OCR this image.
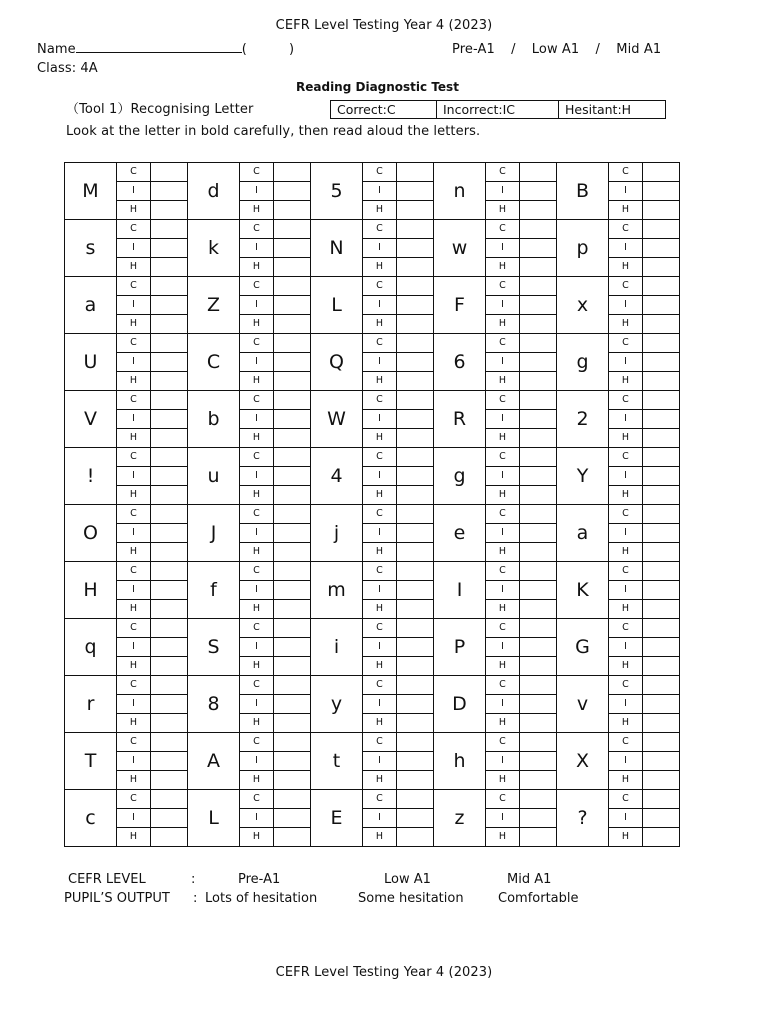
CEFR Level Testing Year 4 (2023)
Name	(	)	Pre-A1 / Low A1 / Mid A1
Class: 4A
Reading Diagnostic Test
（Tool 1）Recognising Letter	Correct:C	Incorrect:IC	Hesitant:H
Look at the letter in bold carefully, then read aloud the letters.
M	C		d	C		5	C		n	C		B	C	
	I			I			I			I			I	
	H			H			H			H			H	
s	C		k	C		N	C		w	C		p	C	
	I			I			I			I			I	
	H			H			H			H			H	
a	C		Z	C		L	C		F	C		x	C	
	I			I			I			I			I	
	H			H			H			H			H	
U	C		C	C		Q	C		6	C		g	C	
	I			I			I			I			I	
	H			H			H			H			H	
V	C		b	C		W	C		R	C		2	C	
	I			I			I			I			I	
	H			H			H			H			H	
!	C		u	C		4	C		g	C		Y	C	
	I			I			I			I			I	
	H			H			H			H			H	
O	C		J	C		j	C		e	C		a	C	
	I			I			I			I			I	
	H			H			H			H			H	
H	C		f	C		m	C		I	C		K	C	
	I			I			I			I			I	
	H			H			H			H			H	
q	C		S	C		i	C		P	C		G	C	
	I			I			I			I			I	
	H			H			H			H			H	
r	C		8	C		y	C		D	C		v	C	
	I			I			I			I			I	
	H			H			H			H			H	
T	C		A	C		t	C		h	C		X	C	
	I			I			I			I			I	
	H			H			H			H			H	
c	C		L	C		E	C		z	C		?	C	
	I			I			I			I			I	
	H			H			H			H			H	
CEFR LEVEL	:	Pre-A1	Low A1	Mid A1
PUPIL’S OUTPUT : Lots of hesitation	Some hesitation	Comfortable
CEFR Level Testing Year 4 (2023)
